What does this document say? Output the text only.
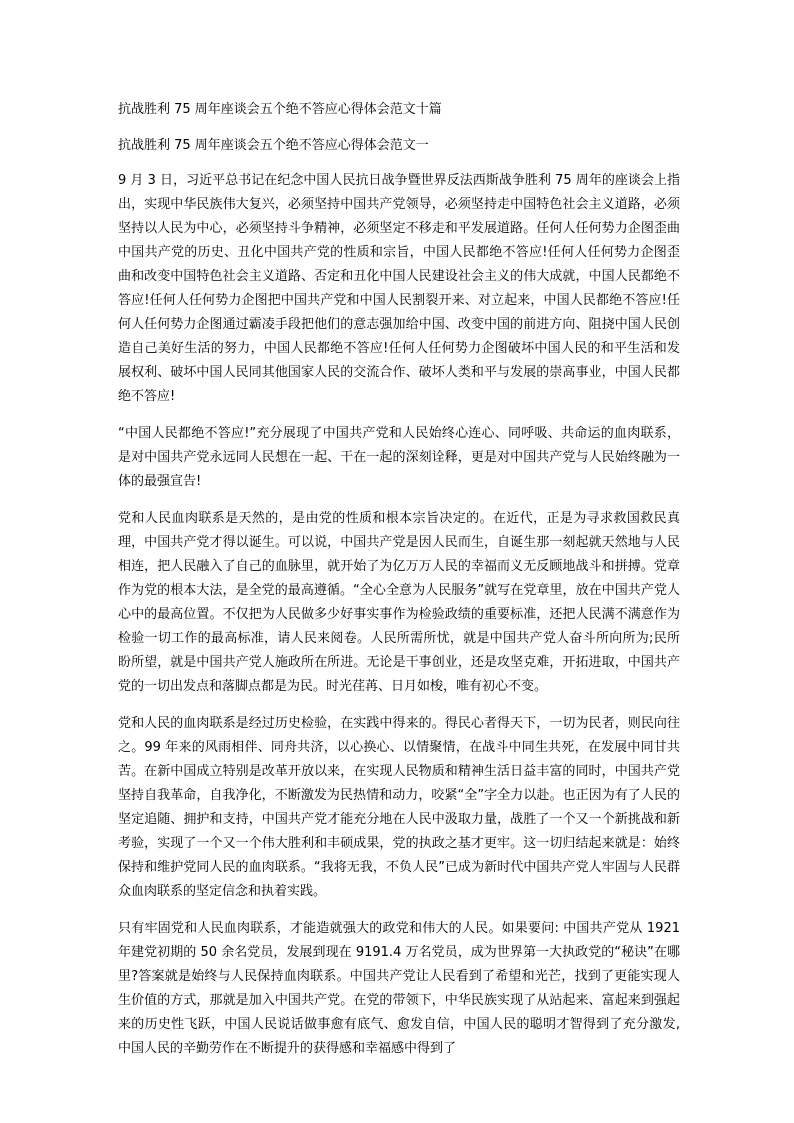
抗战胜利 75 周年座谈会五个绝不答应心得体会范文十篇

抗战胜利 75 周年座谈会五个绝不答应心得体会范文一

9 月 3 日，习近平总书记在纪念中国人民抗日战争暨世界反法西斯战争胜利 75 周年的座谈会上指出，实现中华民族伟大复兴，必须坚持中国共产党领导，必须坚持走中国特色社会主义道路，必须坚持以人民为中心，必须坚持斗争精神，必须坚定不移走和平发展道路。任何人任何势力企图歪曲中国共产党的历史、丑化中国共产党的性质和宗旨，中国人民都绝不答应!任何人任何势力企图歪曲和改变中国特色社会主义道路、否定和丑化中国人民建设社会主义的伟大成就，中国人民都绝不答应!任何人任何势力企图把中国共产党和中国人民割裂开来、对立起来，中国人民都绝不答应!任何人任何势力企图通过霸凌手段把他们的意志强加给中国、改变中国的前进方向、阻挠中国人民创造自己美好生活的努力，中国人民都绝不答应!任何人任何势力企图破坏中国人民的和平生活和发展权利、破坏中国人民同其他国家人民的交流合作、破坏人类和平与发展的崇高事业，中国人民都绝不答应!

“中国人民都绝不答应!”充分展现了中国共产党和人民始终心连心、同呼吸、共命运的血肉联系，是对中国共产党永远同人民想在一起、干在一起的深刻诠释，更是对中国共产党与人民始终融为一体的最强宣告!

党和人民血肉联系是天然的，是由党的性质和根本宗旨决定的。在近代，正是为寻求救国救民真理，中国共产党才得以诞生。可以说，中国共产党是因人民而生，自诞生那一刻起就天然地与人民相连，把人民融入了自己的血脉里，就开始了为亿万万人民的幸福而义无反顾地战斗和拼搏。党章作为党的根本大法，是全党的最高遵循。“全心全意为人民服务”就写在党章里，放在中国共产党人心中的最高位置。不仅把为人民做多少好事实事作为检验政绩的重要标准，还把人民满不满意作为检验一切工作的最高标准，请人民来阅卷。人民所需所忧，就是中国共产党人奋斗所向所为;民所盼所望，就是中国共产党人施政所在所进。无论是干事创业，还是攻坚克难，开拓进取，中国共产党的一切出发点和落脚点都是为民。时光荏苒、日月如梭，唯有初心不变。

党和人民的血肉联系是经过历史检验，在实践中得来的。得民心者得天下，一切为民者，则民向往之。99 年来的风雨相伴、同舟共济，以心换心、以情聚情，在战斗中同生共死，在发展中同甘共苦。在新中国成立特别是改革开放以来，在实现人民物质和精神生活日益丰富的同时，中国共产党坚持自我革命，自我净化，不断激发为民热情和动力，咬紧“全”字全力以赴。也正因为有了人民的坚定追随、拥护和支持，中国共产党才能充分地在人民中汲取力量，战胜了一个又一个新挑战和新考验，实现了一个又一个伟大胜利和丰硕成果，党的执政之基才更牢。这一切归结起来就是：始终保持和维护党同人民的血肉联系。“我将无我，不负人民”已成为新时代中国共产党人牢固与人民群众血肉联系的坚定信念和执着实践。

只有牢固党和人民血肉联系，才能造就强大的政党和伟大的人民。如果要问: 中国共产党从 1921 年建党初期的 50 余名党员，发展到现在 9191.4 万名党员，成为世界第一大执政党的“秘诀”在哪里?答案就是始终与人民保持血肉联系。中国共产党让人民看到了希望和光芒，找到了更能实现人生价值的方式，那就是加入中国共产党。在党的带领下，中华民族实现了从站起来、富起来到强起来的历史性飞跃，中国人民说话做事愈有底气、愈发自信，中国人民的聪明才智得到了充分激发,中国人民的辛勤劳作在不断提升的获得感和幸福感中得到了
